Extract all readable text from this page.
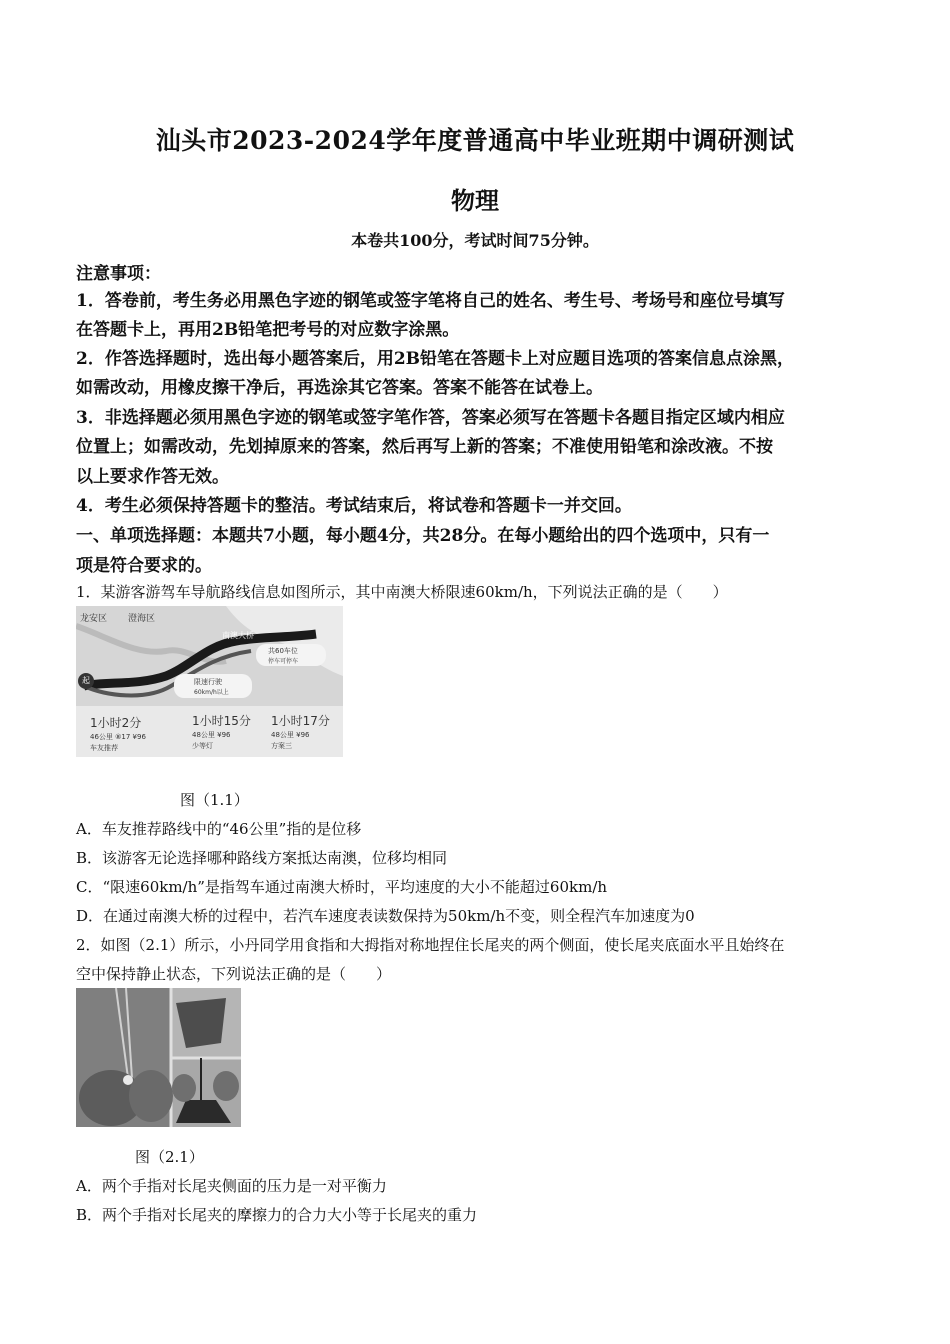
汕头市2023-2024学年度普通高中毕业班期中调研测试
物理
本卷共100分，考试时间75分钟。
注意事项：
1．答卷前，考生务必用黑色字迹的钢笔或签字笔将自己的姓名、考生号、考场号和座位号填写
在答题卡上，再用2B铅笔把考号的对应数字涂黑。
2．作答选择题时，选出每小题答案后，用2B铅笔在答题卡上对应题目选项的答案信息点涂黑，
如需改动，用橡皮擦干净后，再选涂其它答案。答案不能答在试卷上。
3．非选择题必须用黑色字迹的钢笔或签字笔作答，答案必须写在答题卡各题目指定区域内相应
位置上；如需改动，先划掉原来的答案，然后再写上新的答案；不准使用铅笔和涂改液。不按
以上要求作答无效。
4．考生必须保持答题卡的整洁。考试结束后，将试卷和答题卡一并交回。
一、单项选择题：本题共7小题，每小题4分，共28分。在每小题给出的四个选项中，只有一
项是符合要求的。
1．某游客游驾车导航路线信息如图所示，其中南澳大桥限速60km/h，下列说法正确的是（　　）
龙安区 澄海区
南澳大桥
起
共60车位
停车可停车
限速行驶
60km/h以上
1小时2分
46公里 ⑧17 ¥96
车友推荐
1小时15分
48公里 ¥96
少等灯
1小时17分
48公里 ¥96
方案三
图（1.1）
A．车友推荐路线中的“46公里”指的是位移
B．该游客无论选择哪种路线方案抵达南澳，位移均相同
C．“限速60km/h”是指驾车通过南澳大桥时，平均速度的大小不能超过60km/h
D．在通过南澳大桥的过程中，若汽车速度表读数保持为50km/h不变，则全程汽车加速度为0
2．如图（2.1）所示，小丹同学用食指和大拇指对称地捏住长尾夹的两个侧面，使长尾夹底面水平且始终在
空中保持静止状态，下列说法正确的是（　　）
图（2.1）
A．两个手指对长尾夹侧面的压力是一对平衡力
B．两个手指对长尾夹的摩擦力的合力大小等于长尾夹的重力
